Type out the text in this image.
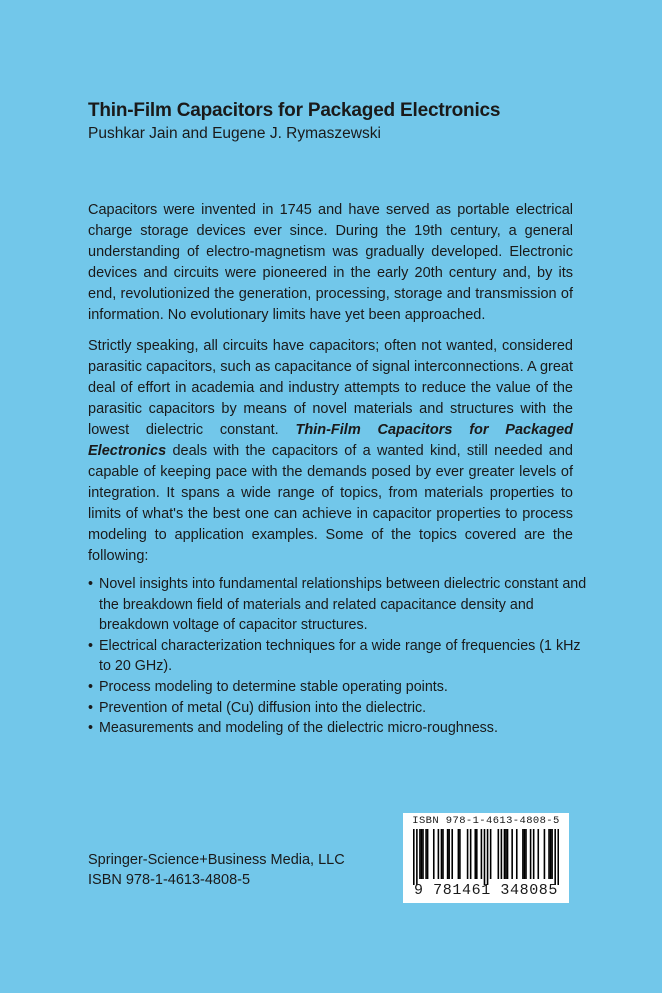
Thin-Film Capacitors for Packaged Electronics
Pushkar Jain and Eugene J. Rymaszewski

Capacitors were invented in 1745 and have served as portable electrical charge storage devices ever since. During the 19th century, a general understanding of electro-magnetism was gradually developed. Electronic devices and circuits were pioneered in the early 20th century and, by its end, revolutionized the generation, processing, storage and transmission of information. No evolutionary limits have yet been approached.

Strictly speaking, all circuits have capacitors; often not wanted, considered parasitic capacitors, such as capacitance of signal interconnections. A great deal of effort in academia and industry attempts to reduce the value of the parasitic capacitors by means of novel materials and structures with the lowest dielectric constant. Thin-Film Capacitors for Packaged Electronics deals with the capacitors of a wanted kind, still needed and capable of keeping pace with the demands posed by ever greater levels of integration. It spans a wide range of topics, from materials properties to limits of what's the best one can achieve in capacitor properties to process modeling to application examples. Some of the topics covered are the following:

• Novel insights into fundamental relationships between dielectric constant and the breakdown field of materials and related capacitance density and breakdown voltage of capacitor structures.
• Electrical characterization techniques for a wide range of frequencies (1 kHz to 20 GHz).
• Process modeling to determine stable operating points.
• Prevention of metal (Cu) diffusion into the dielectric.
• Measurements and modeling of the dielectric micro-roughness.
Springer-Science+Business Media, LLC
ISBN 978-1-4613-4808-5
ISBN 978-1-4613-4808-5
9 781461 348085
